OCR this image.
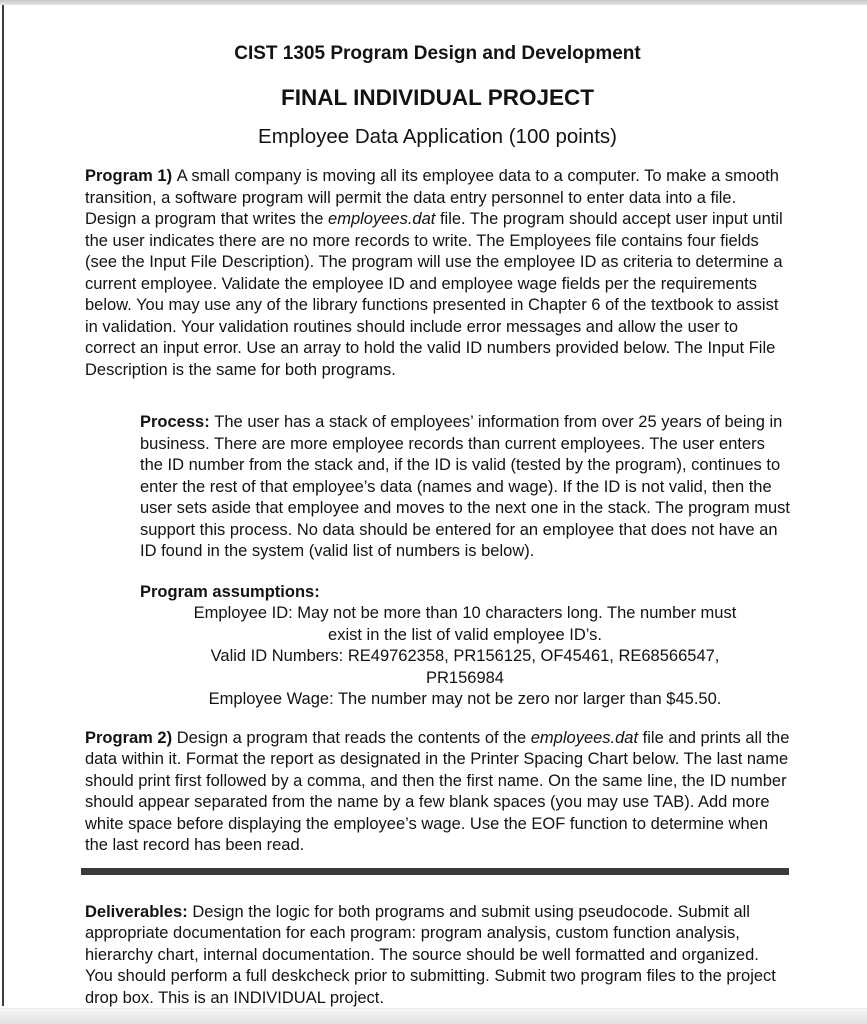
CIST 1305 Program Design and Development
FINAL INDIVIDUAL PROJECT
Employee Data Application (100 points)

Program 1) A small company is moving all its employee data to a computer. To make a smooth transition, a software program will permit the data entry personnel to enter data into a file. Design a program that writes the employees.dat file. The program should accept user input until the user indicates there are no more records to write. The Employees file contains four fields (see the Input File Description). The program will use the employee ID as criteria to determine a current employee. Validate the employee ID and employee wage fields per the requirements below. You may use any of the library functions presented in Chapter 6 of the textbook to assist in validation. Your validation routines should include error messages and allow the user to correct an input error. Use an array to hold the valid ID numbers provided below. The Input File Description is the same for both programs.

Process: The user has a stack of employees’ information from over 25 years of being in business. There are more employee records than current employees. The user enters the ID number from the stack and, if the ID is valid (tested by the program), continues to enter the rest of that employee’s data (names and wage). If the ID is not valid, then the user sets aside that employee and moves to the next one in the stack. The program must support this process. No data should be entered for an employee that does not have an ID found in the system (valid list of numbers is below).

Program assumptions:
Employee ID: May not be more than 10 characters long. The number must
exist in the list of valid employee ID’s.
Valid ID Numbers: RE49762358, PR156125, OF45461, RE68566547,
PR156984
Employee Wage: The number may not be zero nor larger than $45.50.

Program 2) Design a program that reads the contents of the employees.dat file and prints all the data within it. Format the report as designated in the Printer Spacing Chart below. The last name should print first followed by a comma, and then the first name. On the same line, the ID number should appear separated from the name by a few blank spaces (you may use TAB). Add more white space before displaying the employee’s wage. Use the EOF function to determine when the last record has been read.

Deliverables: Design the logic for both programs and submit using pseudocode. Submit all appropriate documentation for each program: program analysis, custom function analysis, hierarchy chart, internal documentation. The source should be well formatted and organized. You should perform a full deskcheck prior to submitting. Submit two program files to the project drop box. This is an INDIVIDUAL project.
